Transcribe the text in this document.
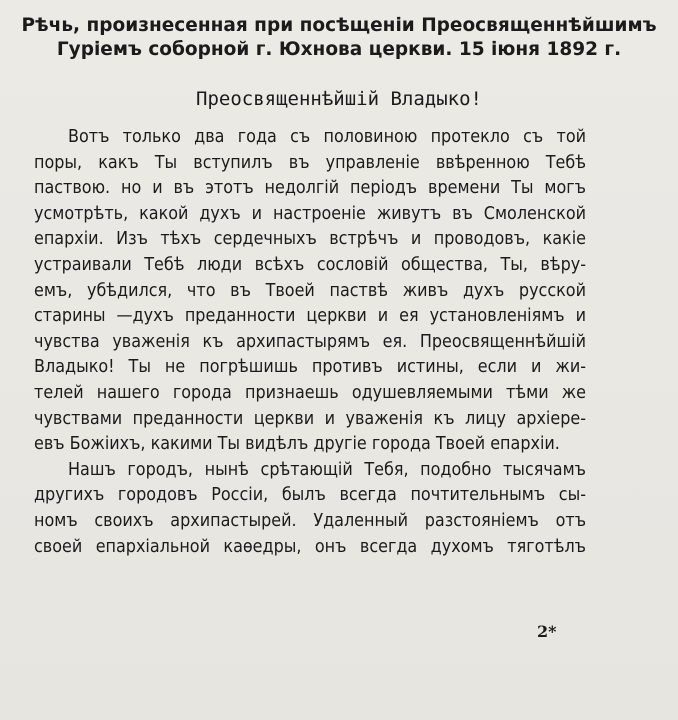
Рѣчь, произнесенная при посѣщеніи Преосвященнѣйшимъ
Гуріемъ соборной г. Юхнова церкви. 15 іюня 1892 г.
Преосвященнѣйшій Владыко!
Вотъ только два года съ половиною протекло съ той
поры, какъ Ты вступилъ въ управленіе ввѣренною Тебѣ
паствою. но и въ этотъ недолгій періодъ времени Ты могъ
усмотрѣть, какой духъ и настроеніе живутъ въ Смоленской
епархіи. Изъ тѣхъ сердечныхъ встрѣчъ и проводовъ, какіе
устраивали Тебѣ люди всѣхъ сословій общества, Ты, вѣру-
емъ, убѣдился, что въ Твоей паствѣ живъ духъ русской
старины —духъ преданности церкви и ея установленіямъ и
чувства уваженія къ архипастырямъ ея. Преосвященнѣйшій
Владыко! Ты не погрѣшишь противъ истины, если и жи-
телей нашего города признаешь одушевляемыми тѣми же
чувствами преданности церкви и уваженія къ лицу архіере-
евъ Божіихъ, какими Ты видѣлъ другіе города Твоей епархіи.
Нашъ городъ, нынѣ срѣтающій Тебя, подобно тысячамъ
другихъ городовъ Россіи, былъ всегда почтительнымъ сы-
номъ своихъ архипастырей. Удаленный разстояніемъ отъ
своей епархіальной каѳедры, онъ всегда духомъ тяготѣлъ
2*
